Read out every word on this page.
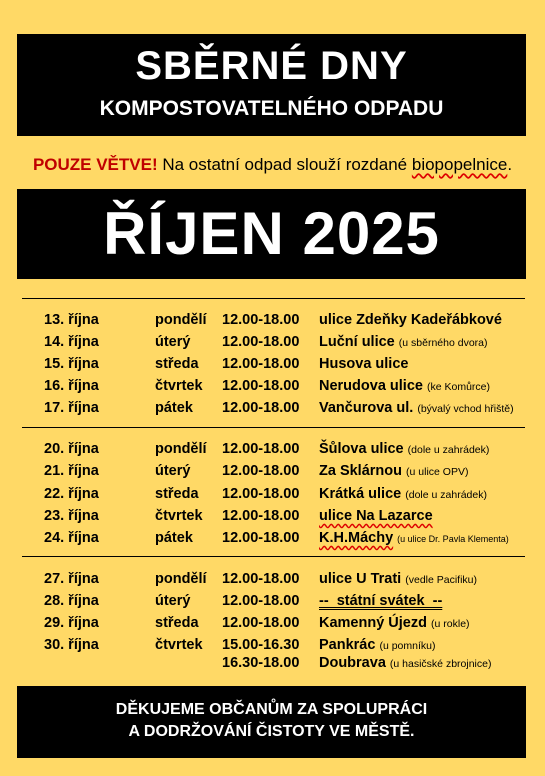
SBĚRNÉ DNY
KOMPOSTOVATELNÉHO ODPADU
POUZE VĚTVE! Na ostatní odpad slouží rozdané biopopelnice.
ŘÍJEN 2025
13. října	pondělí 12.00-18.00 ulice Zdeňky Kadeřábkové
14. října	úterý 12.00-18.00 Luční ulice (u sběrného dvora)
15. října	středa 12.00-18.00 Husova ulice
16. října	čtvrtek 12.00-18.00 Nerudova ulice (ke Komůrce)
17. října	pátek 12.00-18.00 Vančurova ul. (bývalý vchod hřiště)
20. října	pondělí 12.00-18.00 Šůlova ulice (dole u zahrádek)
21. října	úterý 12.00-18.00 Za Sklárnou (u ulice OPV)
22. října	středa 12.00-18.00 Krátká ulice (dole u zahrádek)
23. října	čtvrtek 12.00-18.00 ulice Na Lazarce
24. října	pátek 12.00-18.00 K.H.Máchy (u ulice Dr. Pavla Klementa)
27. října	pondělí 12.00-18.00 ulice U Trati (vedle Pacifiku)
28. října	úterý 12.00-18.00 --  státní svátek  --
29. října	středa 12.00-18.00 Kamenný Újezd (u rokle)
30. října	čtvrtek 15.00-16.30 Pankrác (u pomníku)
16.30-18.00 Doubrava (u hasičské zbrojnice)
DĚKUJEME OBČANŮM ZA SPOLUPRÁCI
A DODRŽOVÁNÍ ČISTOTY VE MĚSTĚ.
